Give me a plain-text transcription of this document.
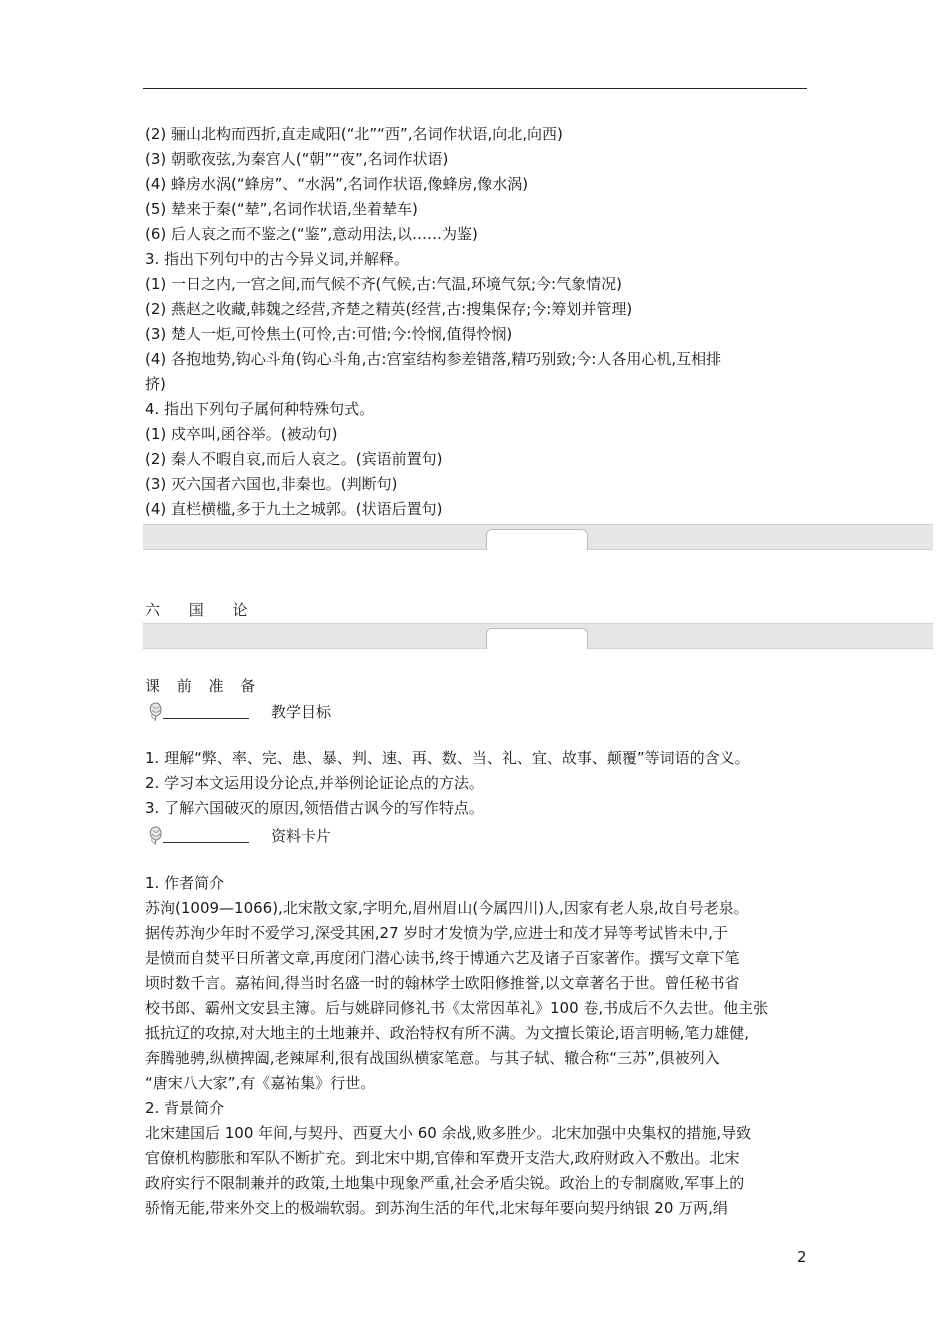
(2) 骊山北构而西折,直走咸阳(“北”“西”,名词作状语,向北,向西)
(3) 朝歌夜弦,为秦宫人(“朝”“夜”,名词作状语)
(4) 蜂房水涡(“蜂房”、“水涡”,名词作状语,像蜂房,像水涡)
(5) 辇来于秦(“辇”,名词作状语,坐着辇车)
(6) 后人哀之而不鉴之(“鉴”,意动用法,以……为鉴)
3. 指出下列句中的古今异义词,并解释。
(1) 一日之内,一宫之间,而气候不齐(气候,古:气温,环境气氛;今:气象情况)
(2) 燕赵之收藏,韩魏之经营,齐楚之精英(经营,古:搜集保存;今:筹划并管理)
(3) 楚人一炬,可怜焦土(可怜,古:可惜;今:怜悯,值得怜悯)
(4) 各抱地势,钩心斗角(钩心斗角,古:宫室结构参差错落,精巧别致;今:人各用心机,互相排
挤)
4. 指出下列句子属何种特殊句式。
(1) 戍卒叫,函谷举。(被动句)
(2) 秦人不暇自哀,而后人哀之。(宾语前置句)
(3) 灭六国者六国也,非秦也。(判断句)
(4) 直栏横槛,多于九土之城郭。(状语后置句)
六 国 论
课 前 准 备
教学目标
1. 理解“弊、率、完、患、暴、判、速、再、数、当、礼、宜、故事、颠覆”等词语的含义。
2. 学习本文运用设分论点,并举例论证论点的方法。
3. 了解六国破灭的原因,领悟借古讽今的写作特点。
资料卡片
1. 作者简介
苏洵(1009—1066),北宋散文家,字明允,眉州眉山(今属四川)人,因家有老人泉,故自号老泉。
据传苏洵少年时不爱学习,深受其困,27 岁时才发愤为学,应进士和茂才异等考试皆未中,于
是愤而自焚平日所著文章,再度闭门潜心读书,终于博通六艺及诸子百家著作。撰写文章下笔
顷时数千言。嘉祐间,得当时名盛一时的翰林学士欧阳修推誉,以文章著名于世。曾任秘书省
校书郎、霸州文安县主簿。后与姚辟同修礼书《太常因革礼》100 卷,书成后不久去世。他主张
抵抗辽的攻掠,对大地主的土地兼并、政治特权有所不满。为文擅长策论,语言明畅,笔力雄健,
奔腾驰骋,纵横捭阖,老辣犀利,很有战国纵横家笔意。与其子轼、辙合称“三苏”,俱被列入
“唐宋八大家”,有《嘉祐集》行世。
2. 背景简介
北宋建国后 100 年间,与契丹、西夏大小 60 余战,败多胜少。北宋加强中央集权的措施,导致
官僚机构膨胀和军队不断扩充。到北宋中期,官俸和军费开支浩大,政府财政入不敷出。北宋
政府实行不限制兼并的政策,土地集中现象严重,社会矛盾尖锐。政治上的专制腐败,军事上的
骄惰无能,带来外交上的极端软弱。到苏洵生活的年代,北宋每年要向契丹纳银 20 万两,绢
2
